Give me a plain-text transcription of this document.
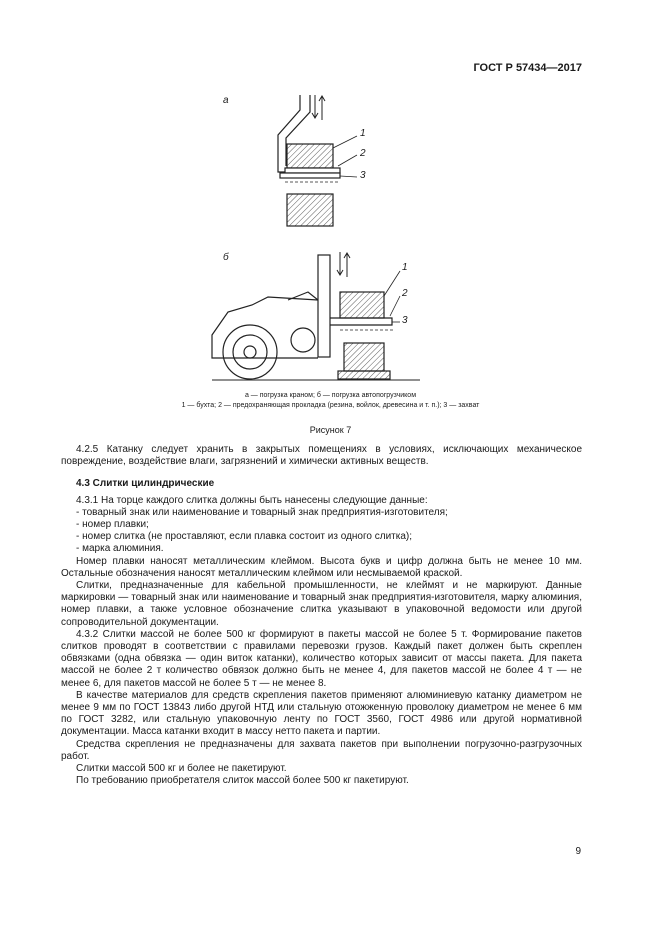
ГОСТ Р 57434—2017
а
б
1
2
3
1
2
3
а — погрузка краном; б — погрузка автопогрузчиком
1 — бухта; 2 — предохраняющая прокладка (резина, войлок, древесина и т. п.); 3 — захват
Рисунок 7

4.2.5 Катанку следует хранить в закрытых помещениях в условиях, исключающих механическое повреждение, воздействие влаги, загрязнений и химически активных веществ.

4.3 Слитки цилиндрические

4.3.1 На торце каждого слитка должны быть нанесены следующие данные:

- товарный знак или наименование и товарный знак предприятия-изготовителя;

- номер плавки;

- номер слитка (не проставляют, если плавка состоит из одного слитка);

- марка алюминия.

Номер плавки наносят металлическим клеймом. Высота букв и цифр должна быть не менее 10 мм. Остальные обозначения наносят металлическим клеймом или несмываемой краской.

Слитки, предназначенные для кабельной промышленности, не клеймят и не маркируют. Данные маркировки — товарный знак или наименование и товарный знак предприятия-изготовителя, марку алюминия, номер плавки, а также условное обозначение слитка указывают в упаковочной ведомости или другой сопроводительной документации.

4.3.2 Слитки массой не более 500 кг формируют в пакеты массой не более 5 т. Формирование пакетов слитков проводят в соответствии с правилами перевозки грузов. Каждый пакет должен быть скреплен обвязками (одна обвязка — один виток катанки), количество которых зависит от массы пакета. Для пакета массой не более 2 т количество обвязок должно быть не менее 4, для пакетов массой не более 4 т — не менее 6, для пакетов массой не более 5 т — не менее 8.

В качестве материалов для средств скрепления пакетов применяют алюминиевую катанку диаметром не менее 9 мм по ГОСТ 13843 либо другой НТД или стальную отожженную проволоку диаметром не менее 6 мм по ГОСТ 3282, или стальную упаковочную ленту по ГОСТ 3560, ГОСТ 4986 или другой нормативной документации. Масса катанки входит в массу нетто пакета и партии.

Средства скрепления не предназначены для захвата пакетов при выполнении погрузочно-разгрузочных работ.

Слитки массой 500 кг и более не пакетируют.

По требованию приобретателя слиток массой более 500 кг пакетируют.

9
